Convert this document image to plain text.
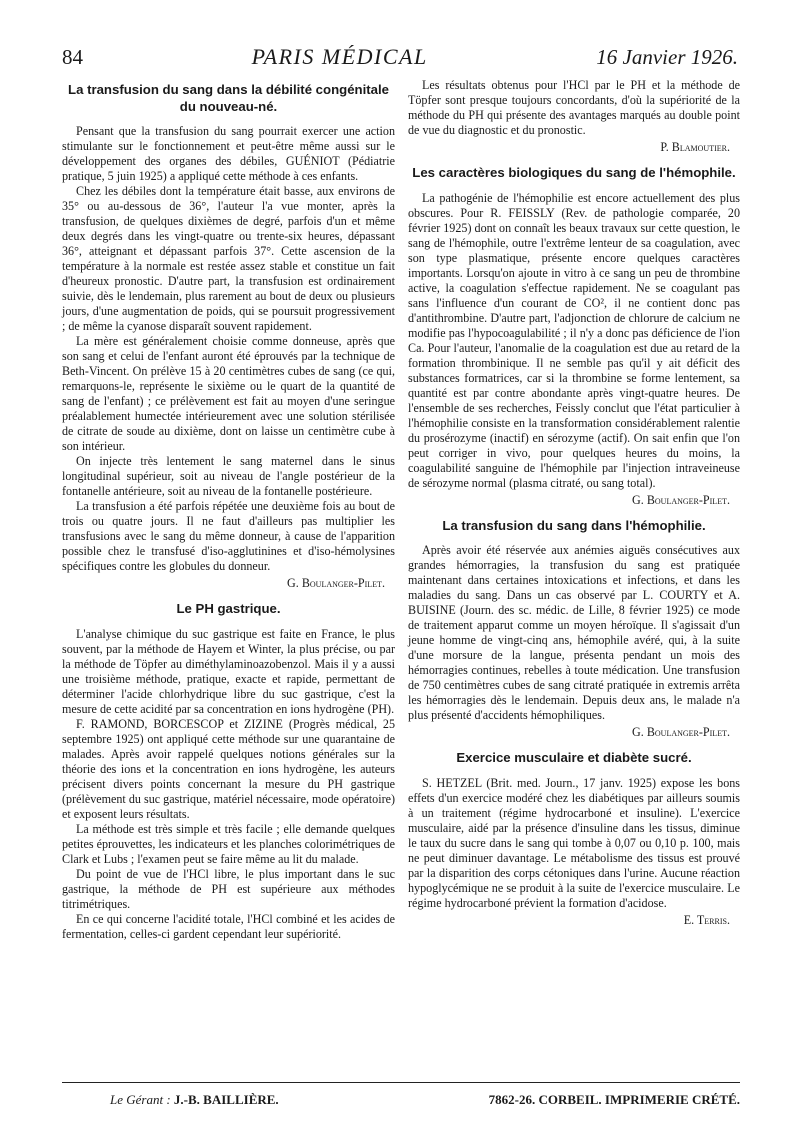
84	PARIS MÉDICAL	16 Janvier 1926.
La transfusion du sang dans la débilité congénitale du nouveau-né.

Pensant que la transfusion du sang pourrait exercer une action stimulante sur le fonctionnement et peut-être même aussi sur le développement des organes des débiles, GUÉNIOT (Pédiatrie pratique, 5 juin 1925) a appliqué cette méthode à ces enfants.

Chez les débiles dont la température était basse, aux environs de 35° ou au-dessous de 36°, l'auteur l'a vue monter, après la transfusion, de quelques dixièmes de degré, parfois d'un et même deux degrés dans les vingt-quatre ou trente-six heures, dépassant 36°, atteignant et dépassant parfois 37°. Cette ascension de la température à la normale est restée assez stable et constitue un fait d'heureux pronostic. D'autre part, la transfusion est ordinairement suivie, dès le lendemain, plus rarement au bout de deux ou plusieurs jours, d'une augmentation de poids, qui se poursuit progressivement ; de même la cyanose disparaît souvent rapidement.

La mère est généralement choisie comme donneuse, après que son sang et celui de l'enfant auront été éprouvés par la technique de Beth-Vincent. On prélève 15 à 20 centimètres cubes de sang (ce qui, remarquons-le, représente le sixième ou le quart de la quantité de sang de l'enfant) ; ce prélèvement est fait au moyen d'une seringue préalablement humectée intérieurement avec une solution stérilisée de citrate de soude au dixième, dont on laisse un centimètre cube à son intérieur.

On injecte très lentement le sang maternel dans le sinus longitudinal supérieur, soit au niveau de l'angle postérieur de la fontanelle antérieure, soit au niveau de la fontanelle postérieure.

La transfusion a été parfois répétée une deuxième fois au bout de trois ou quatre jours. Il ne faut d'ailleurs pas multiplier les transfusions avec le sang du même donneur, à cause de l'apparition possible chez le transfusé d'iso-agglutinines et d'iso-hémolysines spécifiques contre les globules du donneur.

G. Boulanger-Pilet.

Le PH gastrique.

L'analyse chimique du suc gastrique est faite en France, le plus souvent, par la méthode de Hayem et Winter, la plus précise, ou par la méthode de Töpfer au diméthylaminoazobenzol. Mais il y a aussi une troisième méthode, pratique, exacte et rapide, permettant de déterminer l'acide chlorhydrique libre du suc gastrique, c'est la mesure de cette acidité par sa concentration en ions hydrogène (PH).

F. RAMOND, BORCESCOP et ZIZINE (Progrès médical, 25 septembre 1925) ont appliqué cette méthode sur une quarantaine de malades. Après avoir rappelé quelques notions générales sur la théorie des ions et la concentration en ions hydrogène, les auteurs précisent divers points concernant la mesure du PH gastrique (prélèvement du suc gastrique, matériel nécessaire, mode opératoire) et exposent leurs résultats.

La méthode est très simple et très facile ; elle demande quelques petites éprouvettes, les indicateurs et les planches colorimétriques de Clark et Lubs ; l'examen peut se faire même au lit du malade.

Du point de vue de l'HCl libre, le plus important dans le suc gastrique, la méthode de PH est supérieure aux méthodes titrimétriques.

En ce qui concerne l'acidité totale, l'HCl combiné et les acides de fermentation, celles-ci gardent cependant leur supériorité.

Les résultats obtenus pour l'HCl par le PH et la méthode de Töpfer sont presque toujours concordants, d'où la supériorité de la méthode du PH qui présente des avantages marqués au double point de vue du diagnostic et du pronostic.

P. Blamoutier.

Les caractères biologiques du sang de l'hémophile.

La pathogénie de l'hémophilie est encore actuellement des plus obscures. Pour R. FEISSLY (Rev. de pathologie comparée, 20 février 1925) dont on connaît les beaux travaux sur cette question, le sang de l'hémophile, outre l'extrême lenteur de sa coagulation, avec son type plasmatique, présente encore quelques caractères importants. Lorsqu'on ajoute in vitro à ce sang un peu de thrombine active, la coagulation s'effectue rapidement. Ne se coagulant pas sans l'influence d'un courant de CO², il ne contient donc pas d'antithrombine. D'autre part, l'adjonction de chlorure de calcium ne modifie pas l'hypocoagulabilité ; il n'y a donc pas déficience de l'ion Ca. Pour l'auteur, l'anomalie de la coagulation est due au retard de la formation thrombinique. Il ne semble pas qu'il y ait déficit des substances formatrices, car si la thrombine se forme lentement, sa quantité est par contre abondante après vingt-quatre heures. De l'ensemble de ses recherches, Feissly conclut que l'état particulier à l'hémophilie consiste en la transformation considérablement ralentie du prosérozyme (inactif) en sérozyme (actif). On sait enfin que l'on peut corriger in vivo, pour quelques heures du moins, la coagulabilité sanguine de l'hémophile par l'injection intraveineuse de sérozyme normal (plasma citraté, ou sang total).

G. Boulanger-Pilet.

La transfusion du sang dans l'hémophilie.

Après avoir été réservée aux anémies aiguës consécutives aux grandes hémorragies, la transfusion du sang est pratiquée maintenant dans certaines intoxications et infections, et dans les maladies du sang. Dans un cas observé par L. COURTY et A. BUISINE (Journ. des sc. médic. de Lille, 8 février 1925) ce mode de traitement apparut comme un moyen héroïque. Il s'agissait d'un jeune homme de vingt-cinq ans, hémophile avéré, qui, à la suite d'une morsure de la langue, présenta pendant un mois des hémorragies continues, rebelles à toute médication. Une transfusion de 750 centimètres cubes de sang citraté pratiquée in extremis arrêta les hémorragies dès le lendemain. Depuis deux ans, le malade n'a plus présenté d'accidents hémophiliques.

G. Boulanger-Pilet.

Exercice musculaire et diabète sucré.

S. HETZEL (Brit. med. Journ., 17 janv. 1925) expose les bons effets d'un exercice modéré chez les diabétiques par ailleurs soumis à un traitement (régime hydrocarboné et insuline). L'exercice musculaire, aidé par la présence d'insuline dans les tissus, diminue le taux du sucre dans le sang qui tombe à 0,07 ou 0,10 p. 100, mais ne peut diminuer davantage. Le métabolisme des tissus est prouvé par la disparition des corps cétoniques dans l'urine. Aucune réaction hypoglycémique ne se produit à la suite de l'exercice musculaire. Le régime hydrocarboné prévient la formation d'acidose.

E. Terris.

Le Gérant : J.-B. BAILLIÈRE.	7862-26. CORBEIL. IMPRIMERIE CRÉTÉ.
